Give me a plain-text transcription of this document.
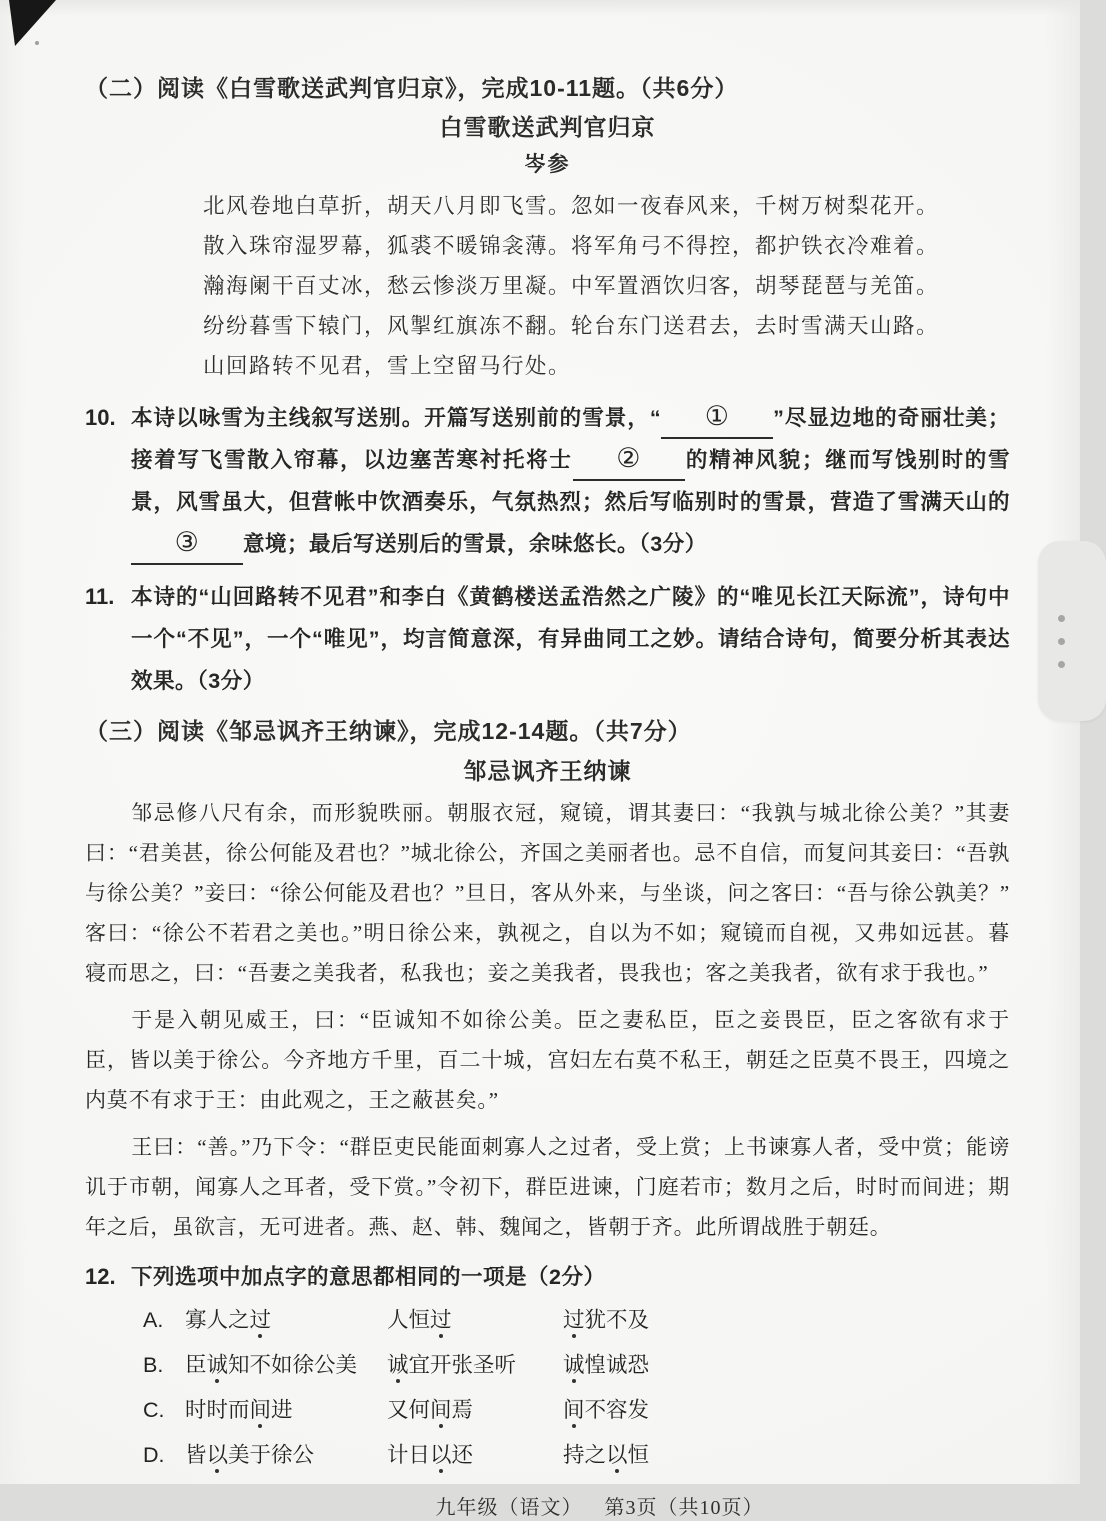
（二）阅读《白雪歌送武判官归京》，完成10-11题。（共6分）
白雪歌送武判官归京
岑参
北风卷地白草折，胡天八月即飞雪。忽如一夜春风来，千树万树梨花开。
散入珠帘湿罗幕，狐裘不暖锦衾薄。将军角弓不得控，都护铁衣冷难着。
瀚海阑干百丈冰，愁云惨淡万里凝。中军置酒饮归客，胡琴琵琶与羌笛。
纷纷暮雪下辕门，风掣红旗冻不翻。轮台东门送君去，去时雪满天山路。
山回路转不见君，雪上空留马行处。
10. 本诗以咏雪为主线叙写送别。开篇写送别前的雪景，“ ① ”尽显边地的奇丽壮美；接着写飞雪散入帘幕，以边塞苦寒衬托将士 ② 的精神风貌；继而写饯别时的雪景，风雪虽大，但营帐中饮酒奏乐，气氛热烈；然后写临别时的雪景，营造了雪满天山的③ 意境；最后写送别后的雪景，余味悠长。（3分）
11. 本诗的“山回路转不见君”和李白《黄鹤楼送孟浩然之广陵》的“唯见长江天际流”，诗句中一个“不见”，一个“唯见”，均言简意深，有异曲同工之妙。请结合诗句，简要分析其表达效果。（3分）
（三）阅读《邹忌讽齐王纳谏》，完成12-14题。（共7分）
邹忌讽齐王纳谏
邹忌修八尺有余，而形貌昳丽。朝服衣冠，窥镜，谓其妻曰：“我孰与城北徐公美？”其妻曰：“君美甚，徐公何能及君也？”城北徐公，齐国之美丽者也。忌不自信，而复问其妾曰：“吾孰与徐公美？”妾曰：“徐公何能及君也？”旦日，客从外来，与坐谈，问之客曰：“吾与徐公孰美？”客曰：“徐公不若君之美也。”明日徐公来，孰视之，自以为不如；窥镜而自视，又弗如远甚。暮寝而思之，曰：“吾妻之美我者，私我也；妾之美我者，畏我也；客之美我者，欲有求于我也。”
于是入朝见威王，曰：“臣诚知不如徐公美。臣之妻私臣，臣之妾畏臣，臣之客欲有求于臣，皆以美于徐公。今齐地方千里，百二十城，宫妇左右莫不私王，朝廷之臣莫不畏王，四境之内莫不有求于王：由此观之，王之蔽甚矣。”
王曰：“善。”乃下令：“群臣吏民能面刺寡人之过者，受上赏；上书谏寡人者，受中赏；能谤讥于市朝，闻寡人之耳者，受下赏。”令初下，群臣进谏，门庭若市；数月之后，时时而间进；期年之后，虽欲言，无可进者。燕、赵、韩、魏闻之，皆朝于齐。此所谓战胜于朝廷。
12. 下列选项中加点字的意思都相同的一项是（2分）
A.	寡人之过	人恒过	过犹不及
B.	臣诚知不如徐公美	诚宜开张圣听	诚惶诚恐
C. 时时而间进	又何间焉	间不容发
D. 皆以美于徐公	计日以还	持之以恒
九年级（语文） 第3页（共10页）
